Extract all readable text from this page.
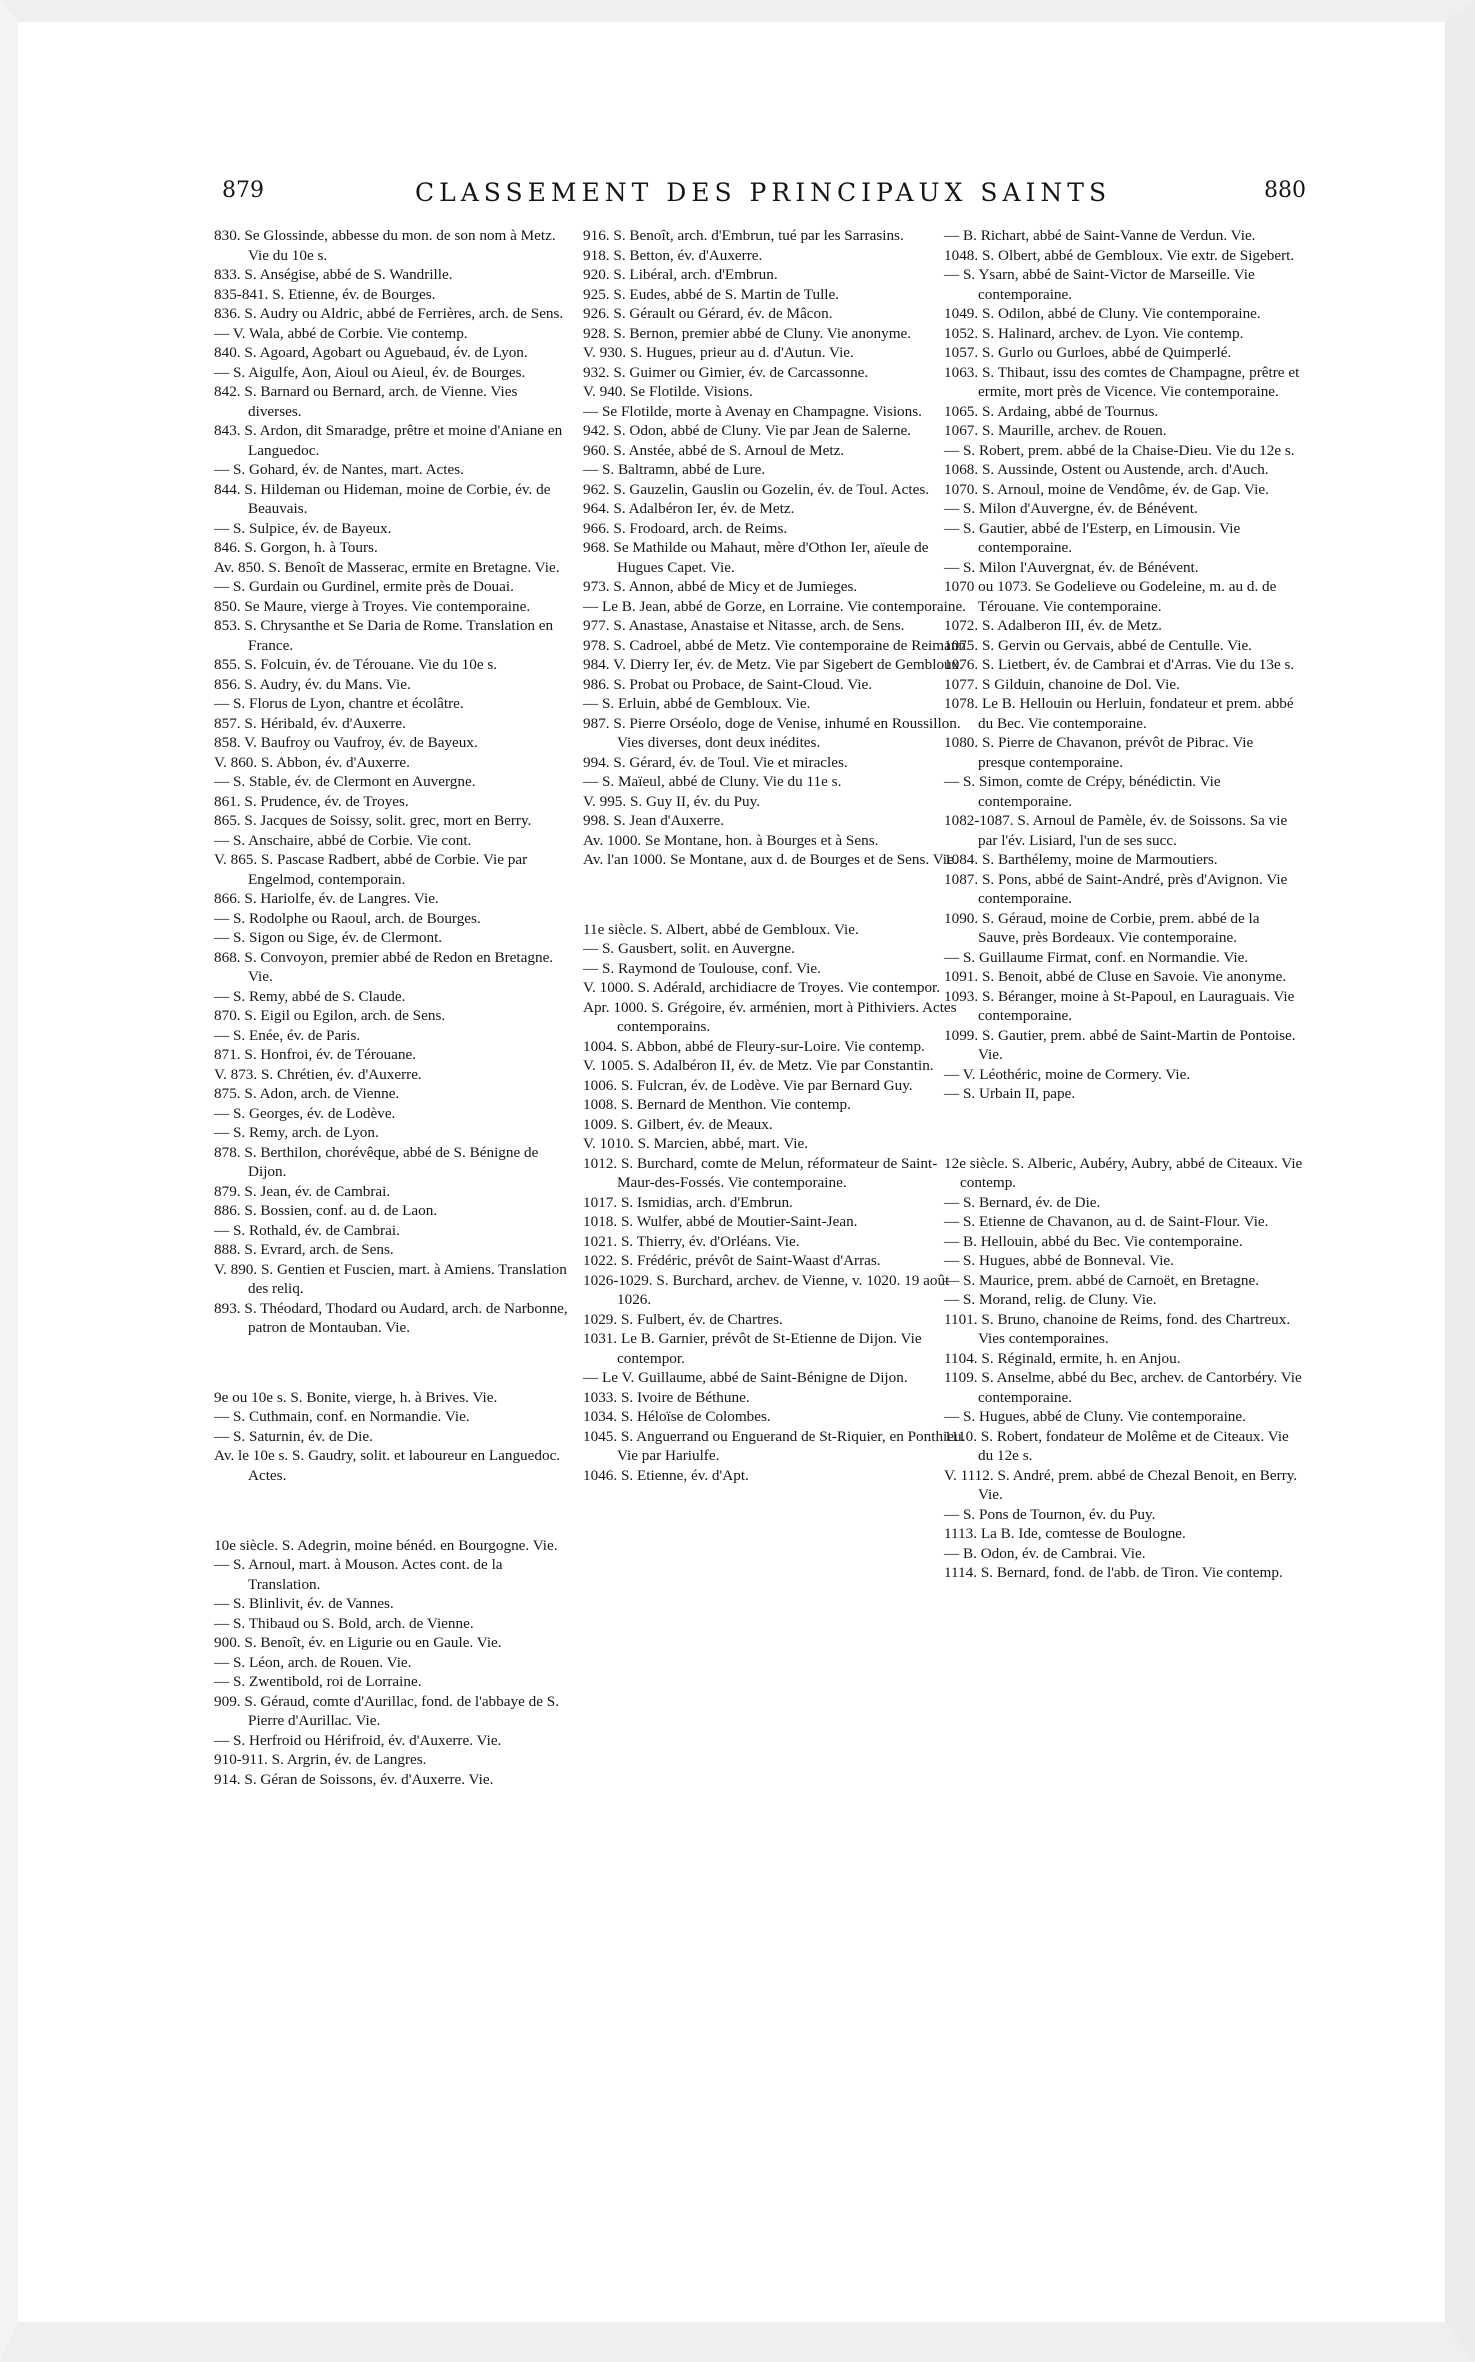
879	CLASSEMENT DES PRINCIPAUX SAINTS	880

830. Se Glossinde, abbesse du mon. de son nom à Metz. Vie du 10e s.

833. S. Anségise, abbé de S. Wandrille.

835-841. S. Etienne, év. de Bourges.

836. S. Audry ou Aldric, abbé de Ferrières, arch. de Sens.

— V. Wala, abbé de Corbie. Vie contemp.

840. S. Agoard, Agobart ou Aguebaud, év. de Lyon.

— S. Aigulfe, Aon, Aioul ou Aieul, év. de Bourges.

842. S. Barnard ou Bernard, arch. de Vienne. Vies diverses.

843. S. Ardon, dit Smaradge, prêtre et moine d'Aniane en Languedoc.

— S. Gohard, év. de Nantes, mart. Actes.

844. S. Hildeman ou Hideman, moine de Corbie, év. de Beauvais.

— S. Sulpice, év. de Bayeux.

846. S. Gorgon, h. à Tours.

Av. 850. S. Benoît de Masserac, ermite en Bretagne. Vie.

— S. Gurdain ou Gurdinel, ermite près de Douai.

850. Se Maure, vierge à Troyes. Vie contemporaine.

853. S. Chrysanthe et Se Daria de Rome. Translation en France.

855. S. Folcuin, év. de Térouane. Vie du 10e s.

856. S. Audry, év. du Mans. Vie.

— S. Florus de Lyon, chantre et écolâtre.

857. S. Héribald, év. d'Auxerre.

858. V. Baufroy ou Vaufroy, év. de Bayeux.

V. 860. S. Abbon, év. d'Auxerre.

— S. Stable, év. de Clermont en Auvergne.

861. S. Prudence, év. de Troyes.

865. S. Jacques de Soissy, solit. grec, mort en Berry.

— S. Anschaire, abbé de Corbie. Vie cont.

V. 865. S. Pascase Radbert, abbé de Corbie. Vie par Engelmod, contemporain.

866. S. Hariolfe, év. de Langres. Vie.

— S. Rodolphe ou Raoul, arch. de Bourges.

— S. Sigon ou Sige, év. de Clermont.

868. S. Convoyon, premier abbé de Redon en Bretagne. Vie.

— S. Remy, abbé de S. Claude.

870. S. Eigil ou Egilon, arch. de Sens.

— S. Enée, év. de Paris.

871. S. Honfroi, év. de Térouane.

V. 873. S. Chrétien, év. d'Auxerre.

875. S. Adon, arch. de Vienne.

— S. Georges, év. de Lodève.

— S. Remy, arch. de Lyon.

878. S. Berthilon, chorévêque, abbé de S. Bénigne de Dijon.

879. S. Jean, év. de Cambrai.

886. S. Bossien, conf. au d. de Laon.

— S. Rothald, év. de Cambrai.

888. S. Evrard, arch. de Sens.

V. 890. S. Gentien et Fuscien, mart. à Amiens. Translation des reliq.

893. S. Théodard, Thodard ou Audard, arch. de Narbonne, patron de Montauban. Vie.

9e ou 10e s. S. Bonite, vierge, h. à Brives. Vie.

— S. Cuthmain, conf. en Normandie. Vie.

— S. Saturnin, év. de Die.

Av. le 10e s. S. Gaudry, solit. et laboureur en Languedoc. Actes.

10e siècle. S. Adegrin, moine bénéd. en Bourgogne. Vie.

— S. Arnoul, mart. à Mouson. Actes cont. de la Translation.

— S. Blinlivit, év. de Vannes.

— S. Thibaud ou S. Bold, arch. de Vienne.

900. S. Benoît, év. en Ligurie ou en Gaule. Vie.

— S. Léon, arch. de Rouen. Vie.

— S. Zwentibold, roi de Lorraine.

909. S. Géraud, comte d'Aurillac, fond. de l'abbaye de S. Pierre d'Aurillac. Vie.

— S. Herfroid ou Hérifroid, év. d'Auxerre. Vie.

910-911. S. Argrin, év. de Langres.

914. S. Géran de Soissons, év. d'Auxerre. Vie.

916. S. Benoît, arch. d'Embrun, tué par les Sarrasins.

918. S. Betton, év. d'Auxerre.

920. S. Libéral, arch. d'Embrun.

925. S. Eudes, abbé de S. Martin de Tulle.

926. S. Gérault ou Gérard, év. de Mâcon.

928. S. Bernon, premier abbé de Cluny. Vie anonyme.

V. 930. S. Hugues, prieur au d. d'Autun. Vie.

932. S. Guimer ou Gimier, év. de Carcassonne.

V. 940. Se Flotilde. Visions.

— Se Flotilde, morte à Avenay en Champagne. Visions.

942. S. Odon, abbé de Cluny. Vie par Jean de Salerne.

960. S. Anstée, abbé de S. Arnoul de Metz.

— S. Baltramn, abbé de Lure.

962. S. Gauzelin, Gauslin ou Gozelin, év. de Toul. Actes.

964. S. Adalbéron Ier, év. de Metz.

966. S. Frodoard, arch. de Reims.

968. Se Mathilde ou Mahaut, mère d'Othon Ier, aïeule de Hugues Capet. Vie.

973. S. Annon, abbé de Micy et de Jumieges.

— Le B. Jean, abbé de Gorze, en Lorraine. Vie contemporaine.

977. S. Anastase, Anastaise et Nitasse, arch. de Sens.

978. S. Cadroel, abbé de Metz. Vie contemporaine de Reimann.

984. V. Dierry Ier, év. de Metz. Vie par Sigebert de Gembloux.

986. S. Probat ou Probace, de Saint-Cloud. Vie.

— S. Erluin, abbé de Gembloux. Vie.

987. S. Pierre Orséolo, doge de Venise, inhumé en Roussillon. Vies diverses, dont deux inédites.

994. S. Gérard, év. de Toul. Vie et miracles.

— S. Maïeul, abbé de Cluny. Vie du 11e s.

V. 995. S. Guy II, év. du Puy.

998. S. Jean d'Auxerre.

Av. 1000. Se Montane, hon. à Bourges et à Sens.

Av. l'an 1000. Se Montane, aux d. de Bourges et de Sens. Vie.

11e siècle. S. Albert, abbé de Gembloux. Vie.

— S. Gausbert, solit. en Auvergne.

— S. Raymond de Toulouse, conf. Vie.

V. 1000. S. Adérald, archidiacre de Troyes. Vie contempor.

Apr. 1000. S. Grégoire, év. arménien, mort à Pithiviers. Actes contemporains.

1004. S. Abbon, abbé de Fleury-sur-Loire. Vie contemp.

V. 1005. S. Adalbéron II, év. de Metz. Vie par Constantin.

1006. S. Fulcran, év. de Lodève. Vie par Bernard Guy.

1008. S. Bernard de Menthon. Vie contemp.

1009. S. Gilbert, év. de Meaux.

V. 1010. S. Marcien, abbé, mart. Vie.

1012. S. Burchard, comte de Melun, réformateur de Saint-Maur-des-Fossés. Vie contemporaine.

1017. S. Ismidias, arch. d'Embrun.

1018. S. Wulfer, abbé de Moutier-Saint-Jean.

1021. S. Thierry, év. d'Orléans. Vie.

1022. S. Frédéric, prévôt de Saint-Waast d'Arras.

1026-1029. S. Burchard, archev. de Vienne, v. 1020. 19 août 1026.

1029. S. Fulbert, év. de Chartres.

1031. Le B. Garnier, prévôt de St-Etienne de Dijon. Vie contempor.

— Le V. Guillaume, abbé de Saint-Bénigne de Dijon.

1033. S. Ivoire de Béthune.

1034. S. Héloïse de Colombes.

1045. S. Anguerrand ou Enguerand de St-Riquier, en Ponthieu. Vie par Hariulfe.

1046. S. Etienne, év. d'Apt.

— B. Richart, abbé de Saint-Vanne de Verdun. Vie.

1048. S. Olbert, abbé de Gembloux. Vie extr. de Sigebert.

— S. Ysarn, abbé de Saint-Victor de Marseille. Vie contemporaine.

1049. S. Odilon, abbé de Cluny. Vie contemporaine.

1052. S. Halinard, archev. de Lyon. Vie contemp.

1057. S. Gurlo ou Gurloes, abbé de Quimperlé.

1063. S. Thibaut, issu des comtes de Champagne, prêtre et ermite, mort près de Vicence. Vie contemporaine.

1065. S. Ardaing, abbé de Tournus.

1067. S. Maurille, archev. de Rouen.

— S. Robert, prem. abbé de la Chaise-Dieu. Vie du 12e s.

1068. S. Aussinde, Ostent ou Austende, arch. d'Auch.

1070. S. Arnoul, moine de Vendôme, év. de Gap. Vie.

— S. Milon d'Auvergne, év. de Bénévent.

— S. Gautier, abbé de l'Esterp, en Limousin. Vie contemporaine.

— S. Milon l'Auvergnat, év. de Bénévent.

1070 ou 1073. Se Godelieve ou Godeleine, m. au d. de Térouane. Vie contemporaine.

1072. S. Adalberon III, év. de Metz.

1075. S. Gervin ou Gervais, abbé de Centulle. Vie.

1076. S. Lietbert, év. de Cambrai et d'Arras. Vie du 13e s.

1077. S Gilduin, chanoine de Dol. Vie.

1078. Le B. Hellouin ou Herluin, fondateur et prem. abbé du Bec. Vie contemporaine.

1080. S. Pierre de Chavanon, prévôt de Pibrac. Vie presque contemporaine.

— S. Simon, comte de Crépy, bénédictin. Vie contemporaine.

1082-1087. S. Arnoul de Pamèle, év. de Soissons. Sa vie par l'év. Lisiard, l'un de ses succ.

1084. S. Barthélemy, moine de Marmoutiers.

1087. S. Pons, abbé de Saint-André, près d'Avignon. Vie contemporaine.

1090. S. Géraud, moine de Corbie, prem. abbé de la Sauve, près Bordeaux. Vie contemporaine.

— S. Guillaume Firmat, conf. en Normandie. Vie.

1091. S. Benoit, abbé de Cluse en Savoie. Vie anonyme.

1093. S. Béranger, moine à St-Papoul, en Lauraguais. Vie contemporaine.

1099. S. Gautier, prem. abbé de Saint-Martin de Pontoise. Vie.

— V. Léothéric, moine de Cormery. Vie.

— S. Urbain II, pape.

12e siècle. S. Alberic, Aubéry, Aubry, abbé de Citeaux. Vie contemp.

— S. Bernard, év. de Die.

— S. Etienne de Chavanon, au d. de Saint-Flour. Vie.

— B. Hellouin, abbé du Bec. Vie contemporaine.

— S. Hugues, abbé de Bonneval. Vie.

— S. Maurice, prem. abbé de Carnoët, en Bretagne.

— S. Morand, relig. de Cluny. Vie.

1101. S. Bruno, chanoine de Reims, fond. des Chartreux. Vies contemporaines.

1104. S. Réginald, ermite, h. en Anjou.

1109. S. Anselme, abbé du Bec, archev. de Cantorbéry. Vie contemporaine.

— S. Hugues, abbé de Cluny. Vie contemporaine.

1110. S. Robert, fondateur de Molême et de Citeaux. Vie du 12e s.

V. 1112. S. André, prem. abbé de Chezal Benoit, en Berry. Vie.

— S. Pons de Tournon, év. du Puy.

1113. La B. Ide, comtesse de Boulogne.

— B. Odon, év. de Cambrai. Vie.

1114. S. Bernard, fond. de l'abb. de Tiron. Vie contemp.
